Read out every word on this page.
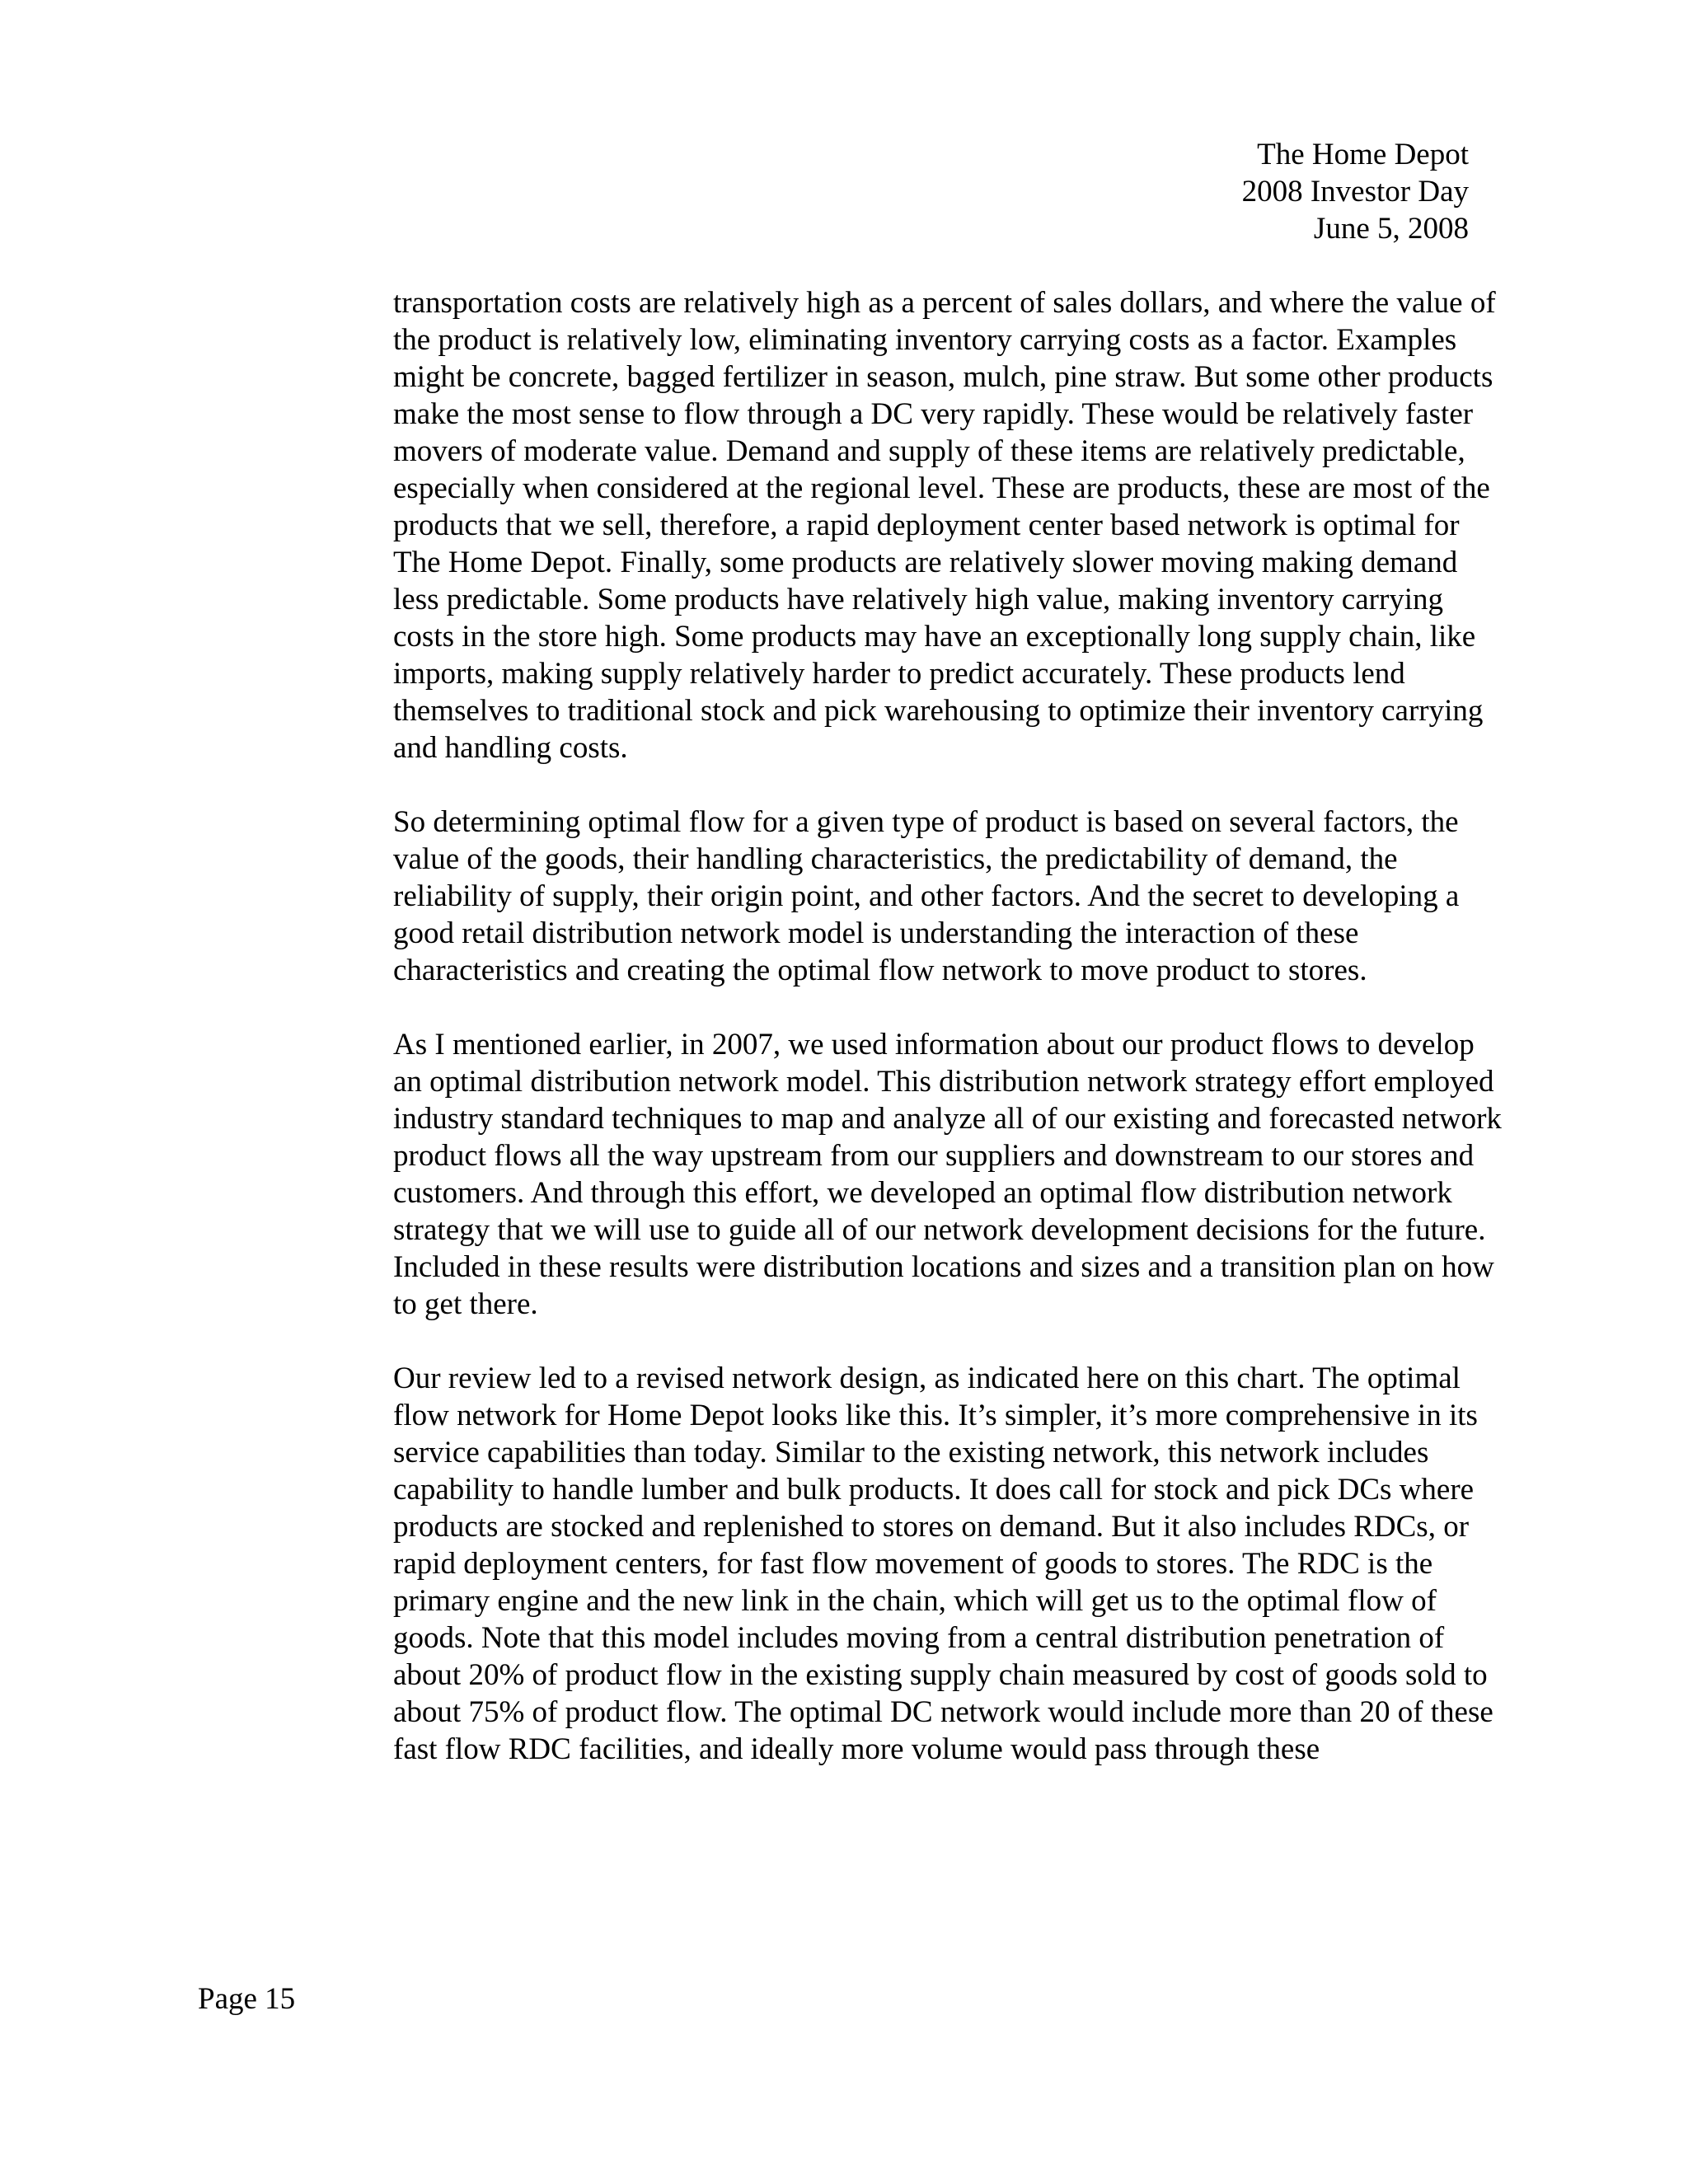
The Home Depot
2008 Investor Day
June 5, 2008

transportation costs are relatively high as a percent of sales dollars, and where the value of the product is relatively low, eliminating inventory carrying costs as a factor. Examples might be concrete, bagged fertilizer in season, mulch, pine straw. But some other products make the most sense to flow through a DC very rapidly. These would be relatively faster movers of moderate value. Demand and supply of these items are relatively predictable, especially when considered at the regional level. These are products, these are most of the products that we sell, therefore, a rapid deployment center based network is optimal for The Home Depot. Finally, some products are relatively slower moving making demand less predictable. Some products have relatively high value, making inventory carrying costs in the store high. Some products may have an exceptionally long supply chain, like imports, making supply relatively harder to predict accurately. These products lend themselves to traditional stock and pick warehousing to optimize their inventory carrying and handling costs.

So determining optimal flow for a given type of product is based on several factors, the value of the goods, their handling characteristics, the predictability of demand, the reliability of supply, their origin point, and other factors. And the secret to developing a good retail distribution network model is understanding the interaction of these characteristics and creating the optimal flow network to move product to stores.

As I mentioned earlier, in 2007, we used information about our product flows to develop an optimal distribution network model. This distribution network strategy effort employed industry standard techniques to map and analyze all of our existing and forecasted network product flows all the way upstream from our suppliers and downstream to our stores and customers. And through this effort, we developed an optimal flow distribution network strategy that we will use to guide all of our network development decisions for the future. Included in these results were distribution locations and sizes and a transition plan on how to get there.

Our review led to a revised network design, as indicated here on this chart. The optimal flow network for Home Depot looks like this. It’s simpler, it’s more comprehensive in its service capabilities than today. Similar to the existing network, this network includes capability to handle lumber and bulk products. It does call for stock and pick DCs where products are stocked and replenished to stores on demand. But it also includes RDCs, or rapid deployment centers, for fast flow movement of goods to stores. The RDC is the primary engine and the new link in the chain, which will get us to the optimal flow of goods. Note that this model includes moving from a central distribution penetration of about 20% of product flow in the existing supply chain measured by cost of goods sold to about 75% of product flow. The optimal DC network would include more than 20 of these fast flow RDC facilities, and ideally more volume would pass through these

Page 15
